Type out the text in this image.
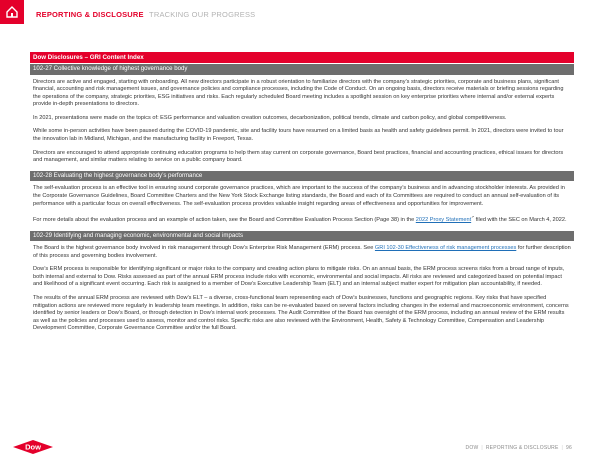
REPORTING & DISCLOSURE TRACKING OUR PROGRESS
Dow Disclosures – GRI Content Index
102-27 Collective knowledge of highest governance body

Directors are active and engaged, starting with onboarding. All new directors participate in a robust orientation to familiarize directors with the company’s strategic priorities, corporate and business plans, significant financial, accounting and risk management issues, and governance policies and compliance processes, including the Code of Conduct. On an ongoing basis, directors receive materials or briefing sessions regarding the operations of the company, strategic priorities, ESG initiatives and risks. Each regularly scheduled Board meeting includes a spotlight session on key enterprise priorities where internal and/or external experts provide in-depth presentations to directors.

In 2021, presentations were made on the topics of: ESG performance and valuation creation outcomes, decarbonization, political trends, climate and carbon policy, and global competitiveness.

While some in-person activities have been paused during the COVID-19 pandemic, site and facility tours have resumed on a limited basis as health and safety guidelines permit. In 2021, directors were invited to tour the innovation lab in Midland, Michigan, and the manufacturing facility in Freeport, Texas.

Directors are encouraged to attend appropriate continuing education programs to help them stay current on corporate governance, Board best practices, financial and accounting practices, ethical issues for directors and management, and similar matters relating to service on a public company board.

102-28 Evaluating the highest governance body’s performance

The self-evaluation process is an effective tool in ensuring sound corporate governance practices, which are important to the success of the company’s business and in advancing stockholder interests. As provided in the Corporate Governance Guidelines, Board Committee Charters and the New York Stock Exchange listing standards, the Board and each of its Committees are required to conduct an annual self-evaluation of its performance with a particular focus on overall effectiveness. The self-evaluation process provides valuable insight regarding areas of effectiveness and opportunities for improvement.

For more details about the evaluation process and an example of action taken, see the Board and Committee Evaluation Process Section (Page 38) in the 2022 Proxy Statement↗ filed with the SEC on March 4, 2022.

102-29 Identifying and managing economic, environmental and social impacts

The Board is the highest governance body involved in risk management through Dow’s Enterprise Risk Management (ERM) process. See GRI 102-30 Effectiveness of risk management processes for further description of this process and governing bodies involvement.

Dow’s ERM process is responsible for identifying significant or major risks to the company and creating action plans to mitigate risks. On an annual basis, the ERM process screens risks from a broad range of inputs, both internal and external to Dow. Risks assessed as part of the annual ERM process include risks with economic, environmental and social impacts. All risks are reviewed and categorized based on potential impact and likelihood of a significant event occurring. Each risk is assigned to a member of Dow’s Executive Leadership Team (ELT) and an internal subject matter expert for mitigation plan accountability, if needed.

The results of the annual ERM process are reviewed with Dow’s ELT – a diverse, cross-functional team representing each of Dow’s businesses, functions and geographic regions. Key risks that have specified mitigation actions are reviewed more regularly in leadership team meetings. In addition, risks can be re-evaluated based on several factors including changes in the external and macroeconomic environment, concerns identified by senior leaders or Dow’s Board, or through detection in Dow’s internal work processes. The Audit Committee of the Board has oversight of the ERM process, including an annual review of the ERM results as well as the policies and processes used to assess, monitor and control risks. Specific risks are also reviewed with the Environment, Health, Safety & Technology Committee, Compensation and Leadership Development Committee, Corporate Governance Committee and/or the full Board.

Dow	DOW | REPORTING & DISCLOSURE | 96
